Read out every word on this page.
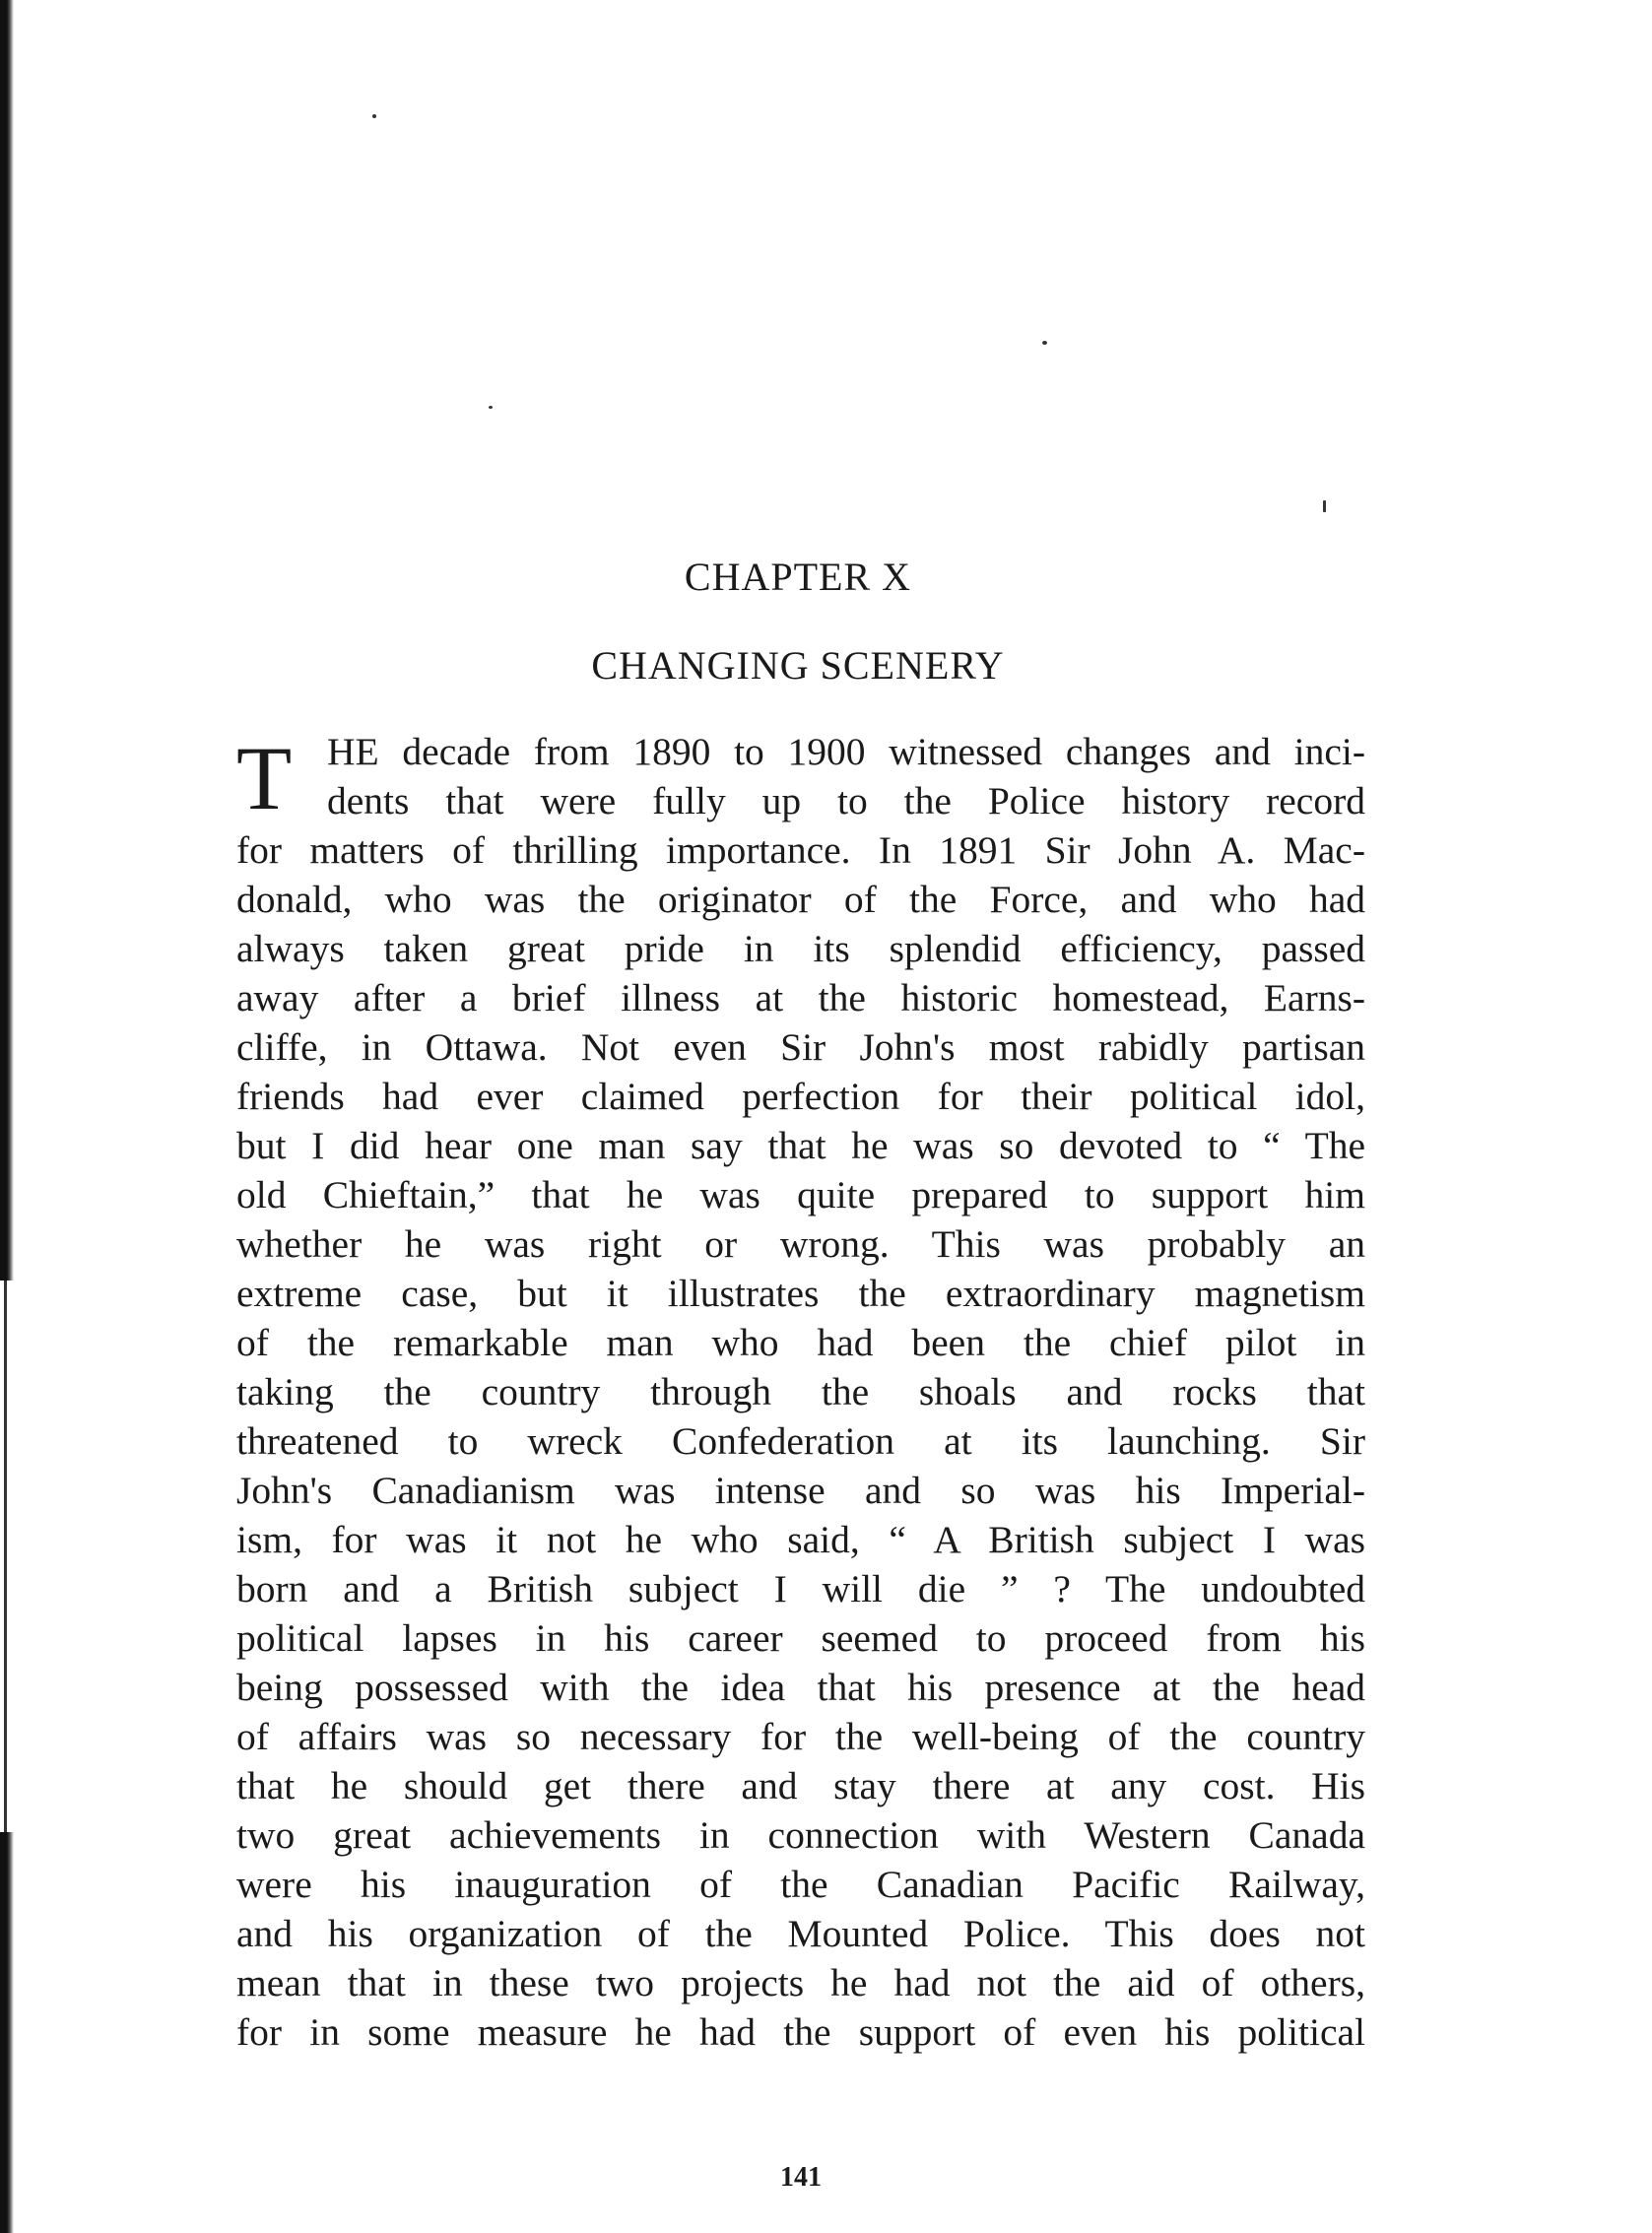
CHAPTER X
CHANGING SCENERY
T HE decade from 1890 to 1900 witnessed changes and inci-
dents that were fully up to the Police history record
for matters of thrilling importance. In 1891 Sir John A. Mac-
donald, who was the originator of the Force, and who had
always taken great pride in its splendid efficiency, passed
away after a brief illness at the historic homestead, Earns-
cliffe, in Ottawa. Not even Sir John's most rabidly partisan
friends had ever claimed perfection for their political idol,
but I did hear one man say that he was so devoted to “ The
old Chieftain,” that he was quite prepared to support him
whether he was right or wrong. This was probably an
extreme case, but it illustrates the extraordinary magnetism
of the remarkable man who had been the chief pilot in
taking the country through the shoals and rocks that
threatened to wreck Confederation at its launching. Sir
John's Canadianism was intense and so was his Imperial-
ism, for was it not he who said, “ A British subject I was
born and a British subject I will die ” ? The undoubted
political lapses in his career seemed to proceed from his
being possessed with the idea that his presence at the head
of affairs was so necessary for the well-being of the country
that he should get there and stay there at any cost. His
two great achievements in connection with Western Canada
were his inauguration of the Canadian Pacific Railway,
and his organization of the Mounted Police. This does not
mean that in these two projects he had not the aid of others,
for in some measure he had the support of even his political
141
